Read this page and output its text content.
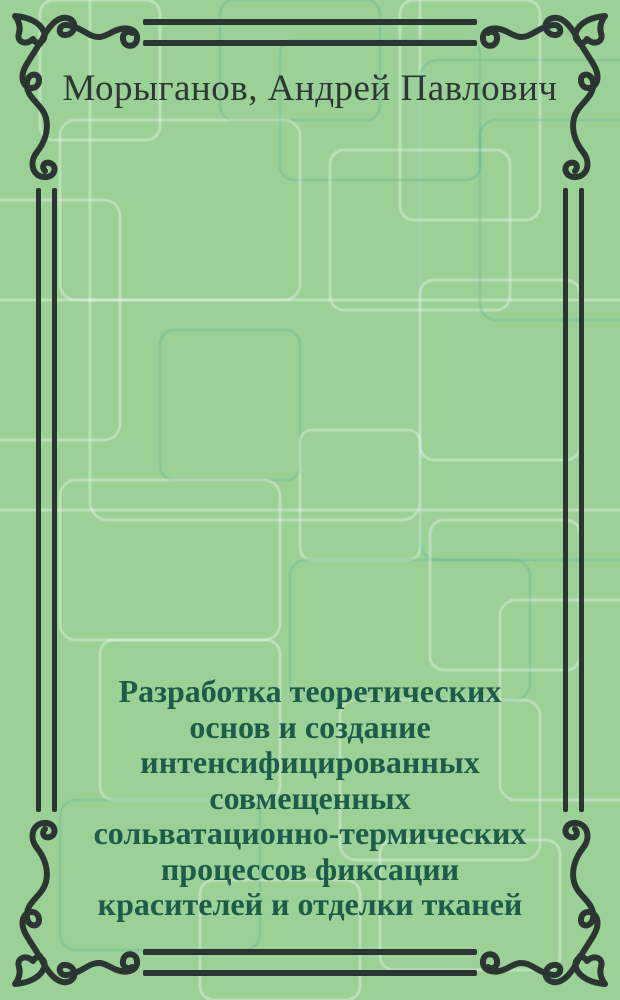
Морыганов, Андрей Павлович
Разработка теоретических
основ и создание
интенсифицированных
совмещенных
сольватационно-термических
процессов фиксации
красителей и отделки тканей
